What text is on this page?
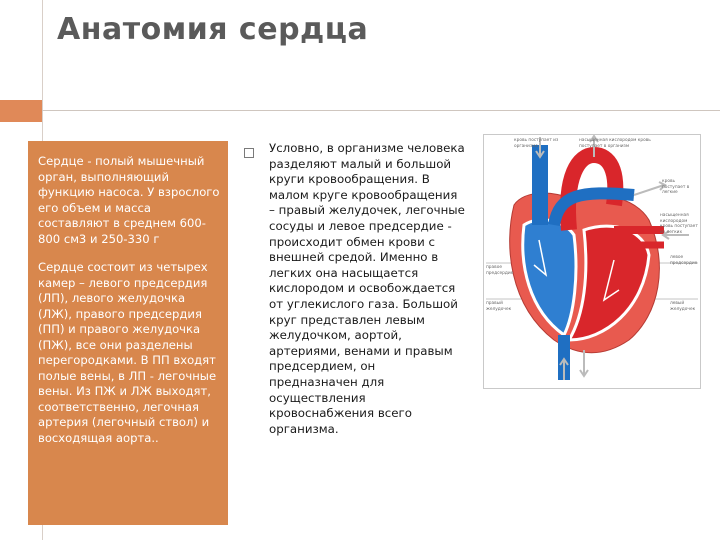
Анатомия сердца

Сердце - полый мышечный орган, выполняющий функцию насоса. У взрослого его объем и масса составляют в среднем 600-800 см3 и 250-330 г

Сердце состоит из четырех камер – левого предсердия (ЛП), левого желудочка (ЛЖ), правого предсердия (ПП) и правого желудочка (ПЖ), все они разделены перегородками. В ПП входят полые вены, в ЛП - легочные вены. Из ПЖ и ЛЖ выходят, соответственно, легочная артерия (легочный ствол) и восходящая аорта..

Условно, в организме человека разделяют малый и большой круги кровообращения. В малом круге кровообращения – правый желудочек, легочные сосуды и левое предсердие - происходит обмен крови с внешней средой. Именно в легких она насыщается кислородом и освобождается от углекислого газа. Большой круг представлен левым желудочком, аортой, артериями, венами и правым предсердием, он предназначен для осуществления кровоснабжения всего организма.
кровь поступает из организма
насыщенная кислородом кровь поступает в организм
кровь поступает в легкие
насыщенная кислородом кровь поступает из легких
левое предсердие
левый желудочек
правое предсердие
правый желудочек
